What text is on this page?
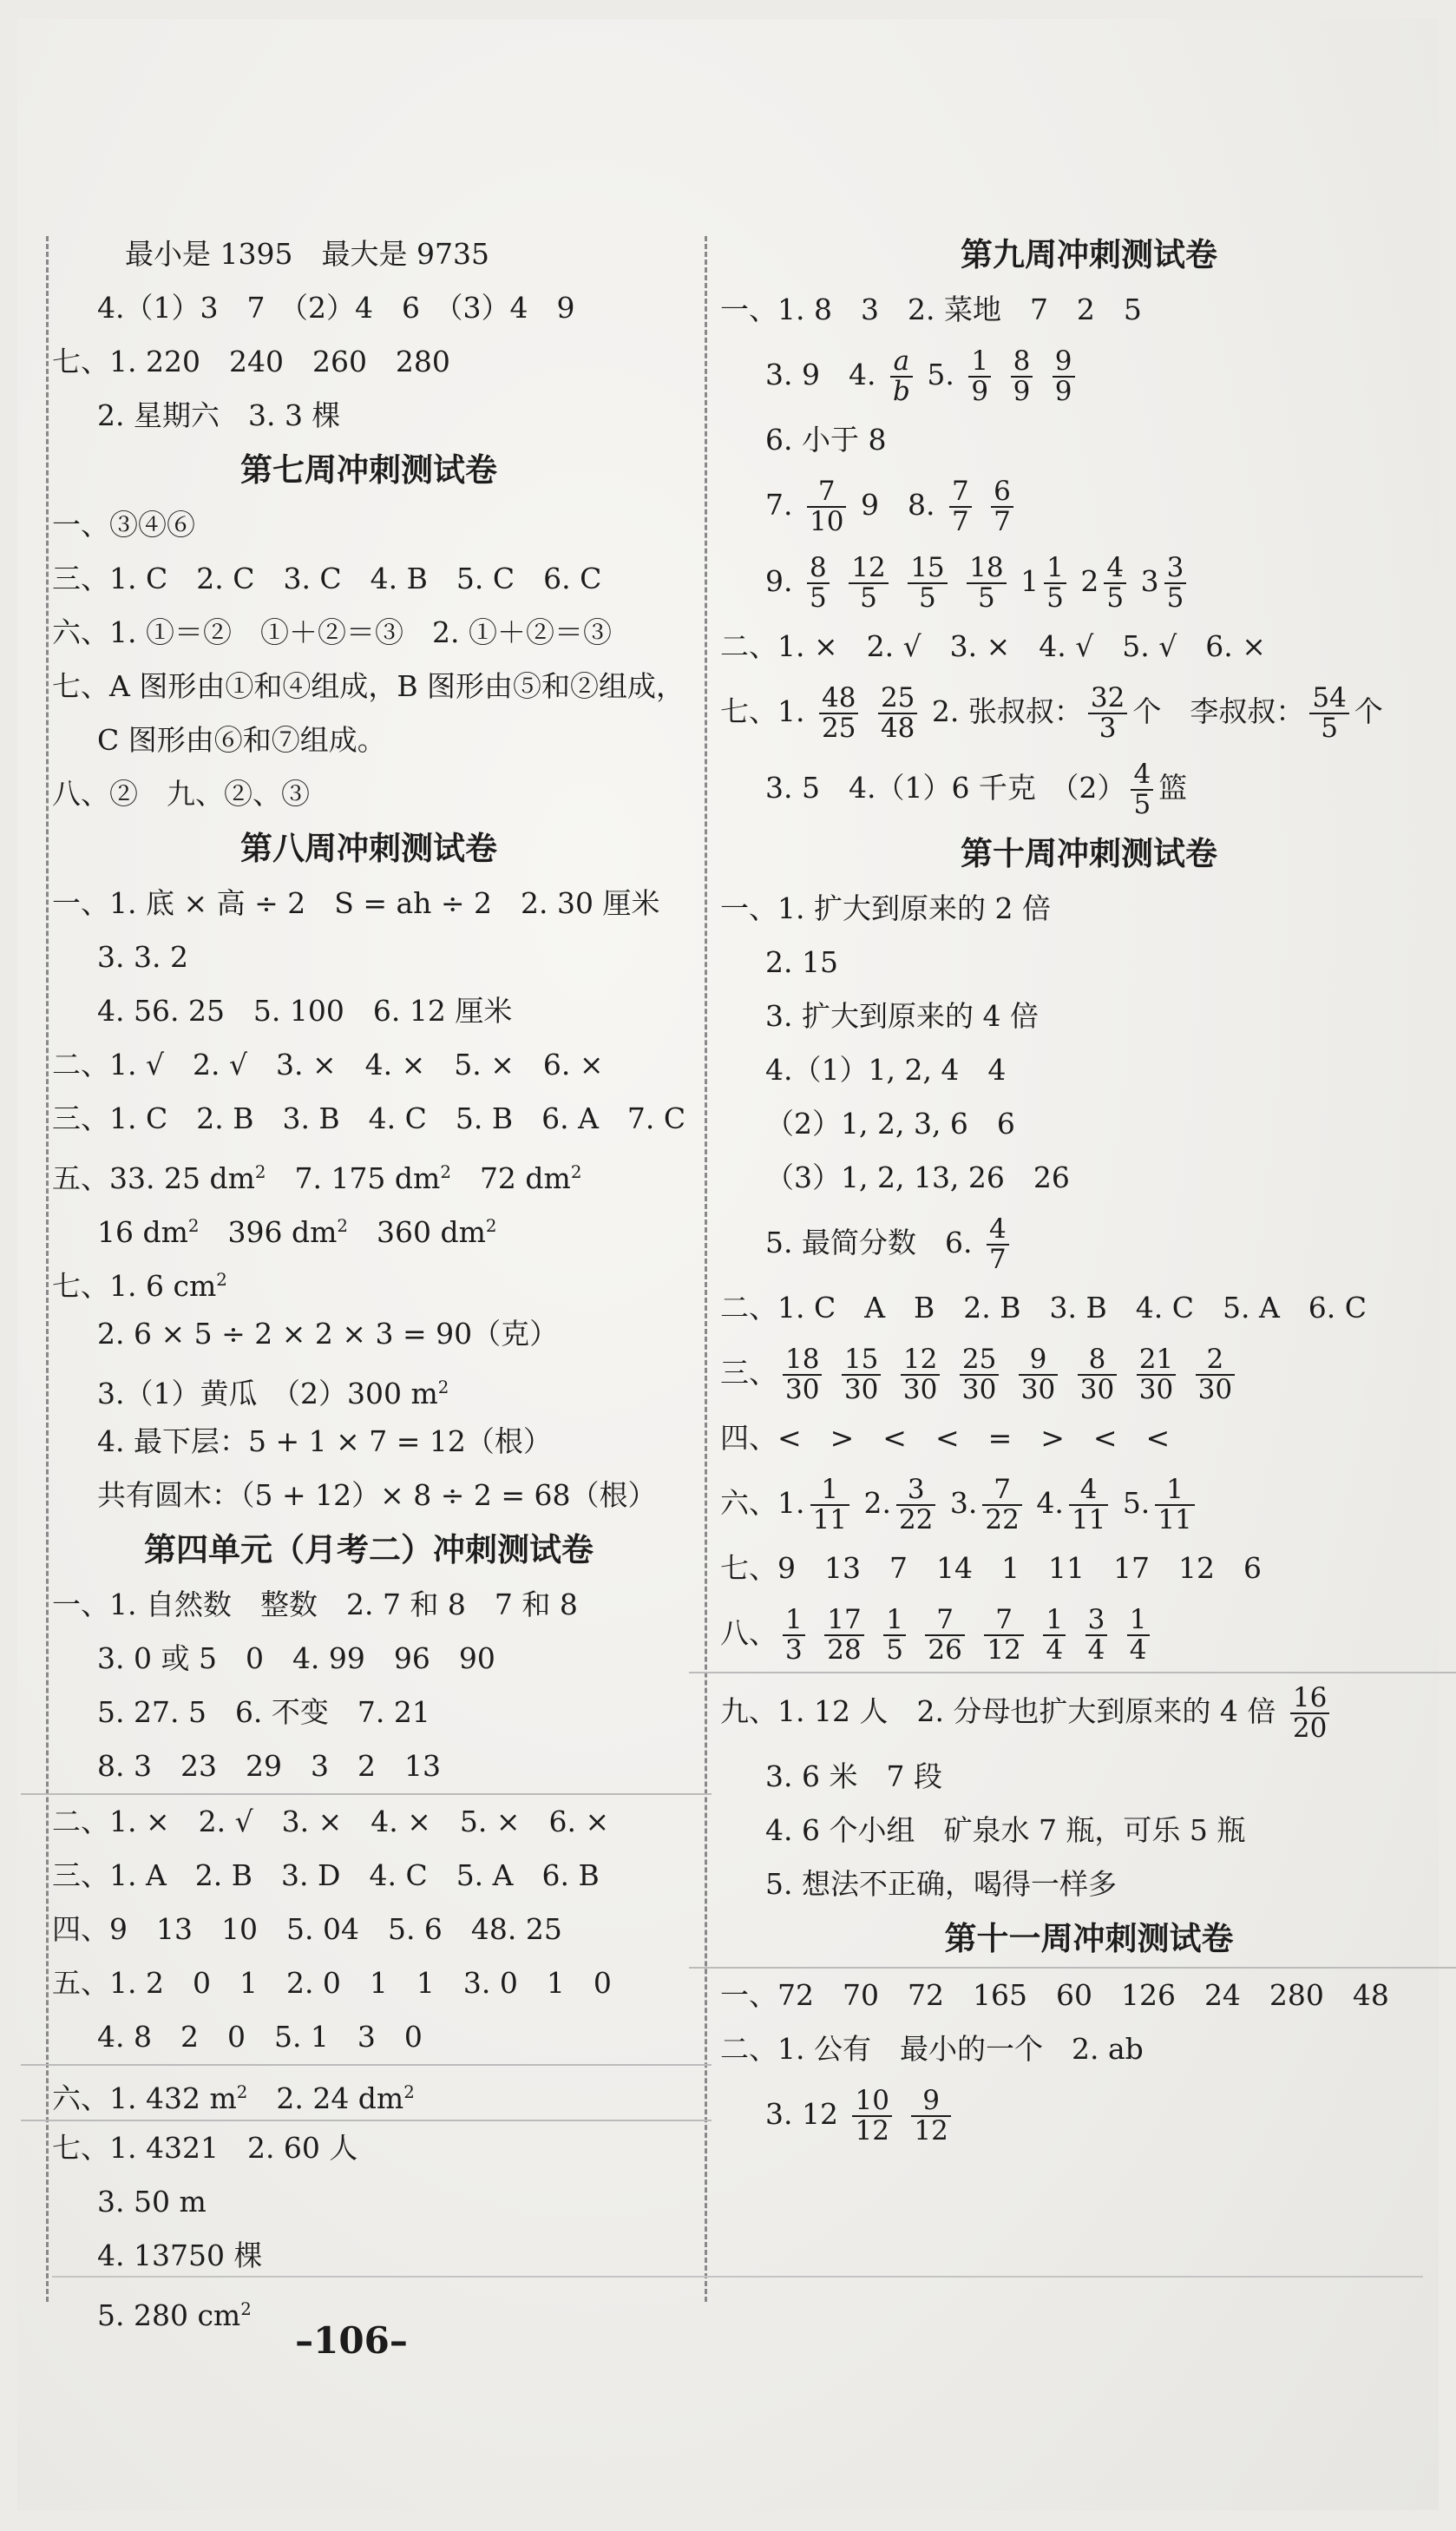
最小是 1395　最大是 9735
4.（1）3　7　（2）4　6　（3）4　9
七、1. 220　240　260　280
2. 星期六　3. 3 棵
第七周冲刺测试卷
一、③④⑥
三、1. C　2. C　3. C　4. B　5. C　6. C
六、1. ①＝②　①＋②＝③　2. ①＋②＝③
七、A 图形由①和④组成，B 图形由⑤和②组成，
C 图形由⑥和⑦组成。
八、②　九、②、③
第八周冲刺测试卷
一、1. 底 × 高 ÷ 2　S = ah ÷ 2　2. 30 厘米
3. 3. 2
4. 56. 25　5. 100　6. 12 厘米
二、1. √　2. √　3. ×　4. ×　5. ×　6. ×
三、1. C　2. B　3. B　4. C　5. B　6. A　7. C
五、33. 25 $dm^2$　 7. 175 $dm^2$　 72 $dm^2$
16 $dm^2$　 396 $dm^2$　 360 $dm^2$
七、1. 6 $cm^2$
2. 6 × 5 ÷ 2 × 2 × 3 = 90（克）
3.（1）黄瓜　（2）300 $m^2$
4. 最下层：5 + 1 × 7 = 12（根）
共有圆木：（5 + 12）× 8 ÷ 2 = 68（根）
第四单元（月考二）冲刺测试卷
一、1. 自然数　整数　2. 7 和 8　7 和 8
3. 0 或 5　0　4. 99　96　90
5. 27. 5　6. 不变　7. 21
8. 3　23　29　3　2　13
二、1. ×　2. √　3. ×　4. ×　5. ×　6. ×
三、1. A　2. B　3. D　4. C　5. A　6. B
四、9　13　10　5. 04　5. 6　48. 25
五、1. 2　0　1　2. 0　1　1　3. 0　1　0
4. 8　2　0　5. 1　3　0
六、1. 432 $m^2$　 2. 24 $dm^2$
七、1. 4321　2. 60 人
3. 50 m
4. 13750 棵
5. 280 $cm^2$
第九周冲刺测试卷
一、1. 8　3　2. 菜地　7　2　5
3. 9　4. $\frac{a}{b} 5$. $\frac{1}{9}$
$\frac{8}{9}$
$\frac{9}{9}$
6. 小于 8
7. $\frac{7}{10} 9$　8. $\frac{7}{7}$
$\frac{6}{7}$
9. $\frac{8}{5}$
$\frac{12}{5}$
$\frac{15}{5}$
$\frac{18}{5} 1 \frac{1}{5} 2 \frac{4}{5} 3 \frac{3}{5}$
二、1. ×　2. √　3. ×　4. √　5. √　6. ×
七、1. $\frac{48}{25}$
$\frac{25}{48} 2$. 张叔叔： $\frac{32}{3}$ 个　李叔叔： $\frac{54}{5}$ 个
3. 5　4.（1）6 千克　$(2) \frac{4}{5}$ 篮
第十周冲刺测试卷
一、1. 扩大到原来的 2 倍
2. 15
3. 扩大到原来的 4 倍
4.（1）1, 2, 4　4
（2）1, 2, 3, 6　6
（3）1, 2, 13, 26　26
5. 最简分数　6. $\frac{4}{7}$
二、1. C　A　B　2. B　3. B　4. C　5. A　6. C
三、 $\frac{18}{30}$
$\frac{15}{30}$
$\frac{12}{30}$
$\frac{25}{30}$
$\frac{9}{30}$
$\frac{8}{30}$
$\frac{21}{30}$
$\frac{2}{30}$
四、<　>　<　<　=　>　<　<
六、1. $\frac{1}{11} 2$. $\frac{3}{22} 3$. $\frac{7}{22} 4$. $\frac{4}{11} 5$. $\frac{1}{11}$
七、9　13　7　14　1　11　17　12　6
八、 $\frac{1}{3}$
$\frac{17}{28}$
$\frac{1}{5}$
$\frac{7}{26}$
$\frac{7}{12}$
$\frac{1}{4}$
$\frac{3}{4}$
$\frac{1}{4}$
九、1. 12 人　2. 分母也扩大到原来的 4 倍 $\frac{16}{20}$
3. 6 米　7 段
4. 6 个小组　矿泉水 7 瓶，可乐 5 瓶
5. 想法不正确，喝得一样多
第十一周冲刺测试卷
一、72　70　72　165　60　126　24　280　48
二、1. 公有　最小的一个　2. ab
3. $12 \frac{10}{12}$
$\frac{9}{12}$
–106–
